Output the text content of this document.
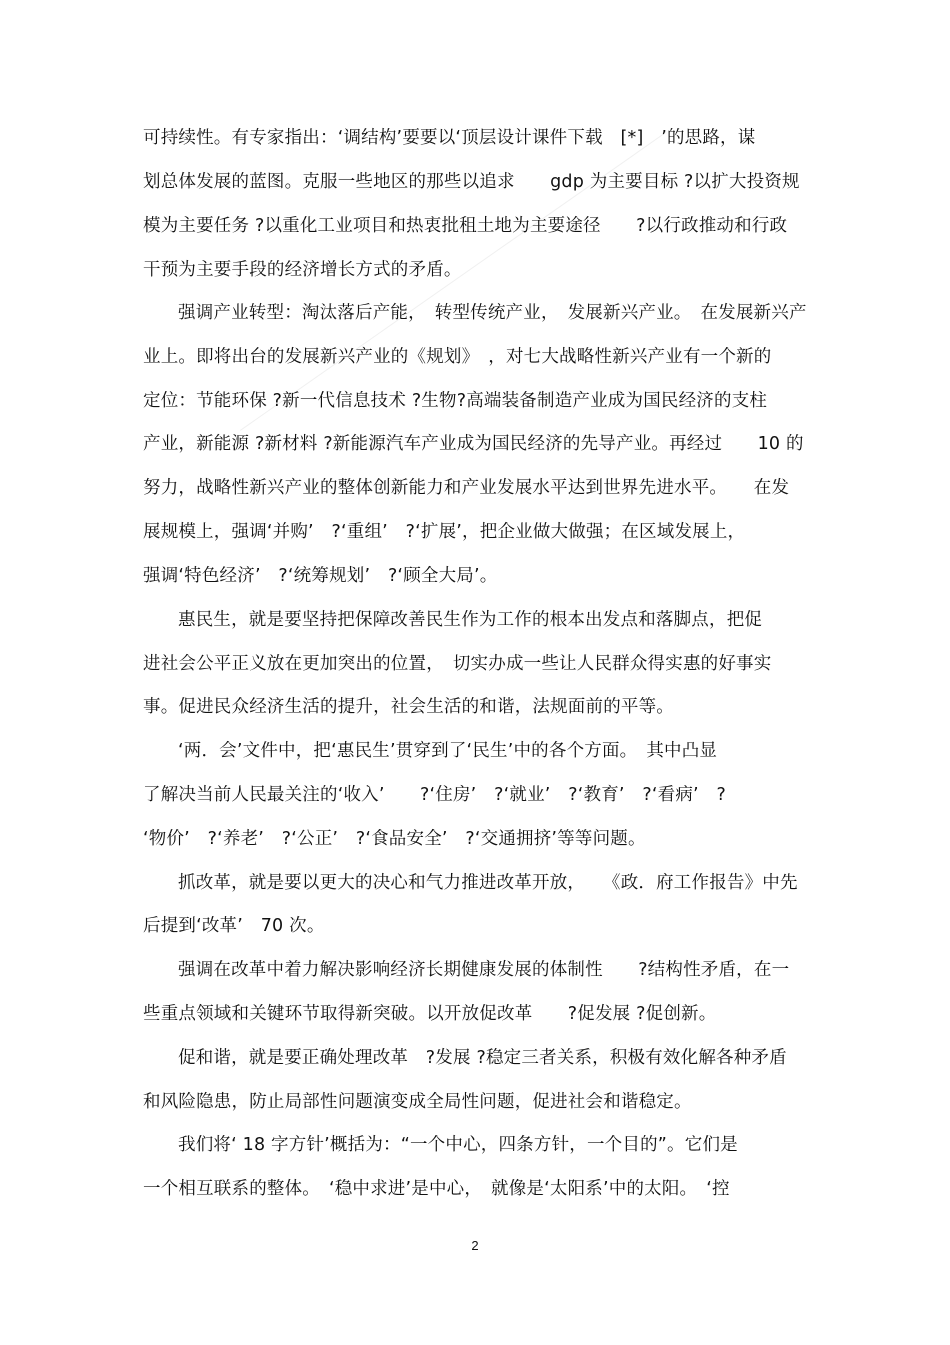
可持续性。有专家指出：‘调结构’要要以‘顶层设计课件下载　[*]　’的思路，谋
划总体发展的蓝图。克服一些地区的那些以追求　　gdp 为主要目标 ?以扩大投资规
模为主要任务 ?以重化工业项目和热衷批租土地为主要途径　　?以行政推动和行政
干预为主要手段的经济增长方式的矛盾。
强调产业转型：淘汰落后产能，　转型传统产业，　发展新兴产业。　在发展新兴产
业上。即将出台的发展新兴产业的《规划》　，对七大战略性新兴产业有一个新的
定位：节能环保 ?新一代信息技术 ?生物?高端装备制造产业成为国民经济的支柱
产业，新能源 ?新材料 ?新能源汽车产业成为国民经济的先导产业。再经过　　10 的
努力，战略性新兴产业的整体创新能力和产业发展水平达到世界先进水平。　　在发
展规模上，强调‘并购’　?‘重组’　?‘扩展’，把企业做大做强；在区域发展上，
强调‘特色经济’　?‘统筹规划’　?‘顾全大局’。
惠民生，就是要坚持把保障改善民生作为工作的根本出发点和落脚点，把促
进社会公平正义放在更加突出的位置，　切实办成一些让人民群众得实惠的好事实
事。促进民众经济生活的提升，社会生活的和谐，法规面前的平等。
‘两．会’文件中，把‘惠民生’贯穿到了‘民生’中的各个方面。　其中凸显
了解决当前人民最关注的‘收入’　　?‘住房’　?‘就业’　?‘教育’　?‘看病’　?
‘物价’　?‘养老’　?‘公正’　?‘食品安全’　?‘交通拥挤’等等问题。
抓改革，就是要以更大的决心和气力推进改革开放，　　《政．府工作报告》中先
后提到‘改革’　70 次。
强调在改革中着力解决影响经济长期健康发展的体制性　　?结构性矛盾，在一
些重点领域和关键环节取得新突破。以开放促改革　　?促发展 ?促创新。
促和谐，就是要正确处理改革　?发展 ?稳定三者关系，积极有效化解各种矛盾
和风险隐患，防止局部性问题演变成全局性问题，促进社会和谐稳定。
我们将‘ 18 字方针’概括为：“一个中心，四条方针，一个目的”。它们是
一个相互联系的整体。　‘稳中求进’是中心，　就像是‘太阳系’中的太阳。　‘控
2
